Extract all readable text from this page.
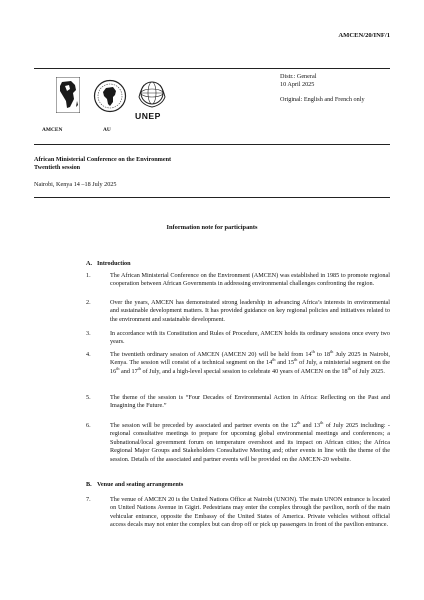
AMCEN/20/INF/1
UNEP
AMCEN	AU
Distr.: General
10 April 2025
Original: English and French only
African Ministerial Conference on the Environment
Twentieth session
Nairobi, Kenya 14 –18 July 2025
Information note for participants
A. Introduction
1.	The African Ministerial Conference on the Environment (AMCEN) was established in 1985 to promote regional cooperation between African Governments in addressing environmental challenges confronting the region.
2.	Over the years, AMCEN has demonstrated strong leadership in advancing Africa’s interests in environmental and sustainable development matters. It has provided guidance on key regional policies and initiatives related to the environment and sustainable development.
3.	In accordance with its Constitution and Rules of Procedure, AMCEN holds its ordinary sessions once every two years.
4.	The twentieth ordinary session of AMCEN (AMCEN 20) will be held from 14th to 18th July 2025 in Nairobi, Kenya. The session will consist of a technical segment on the 14th and 15th of July, a ministerial segment on the 16th and 17th of July, and a high-level special session to celebrate 40 years of AMCEN on the 18th of July 2025.
5.	The theme of the session is “Four Decades of Environmental Action in Africa: Reflecting on the Past and Imagining the Future.”
6.	The session will be preceded by associated and partner events on the 12th and 13th of July 2025 including: - regional consultative meetings to prepare for upcoming global environmental meetings and conferences; a Subnational/local government forum on temperature overshoot and its impact on African cities; the Africa Regional Major Groups and Stakeholders Consultative Meeting and; other events in line with the theme of the session. Details of the associated and partner events will be provided on the AMCEN-20 website.
B. Venue and seating arrangements
7.	The venue of AMCEN 20 is the United Nations Office at Nairobi (UNON). The main UNON entrance is located on United Nations Avenue in Gigiri. Pedestrians may enter the complex through the pavilion, north of the main vehicular entrance, opposite the Embassy of the United States of America. Private vehicles without official access decals may not enter the complex but can drop off or pick up passengers in front of the pavilion entrance.
